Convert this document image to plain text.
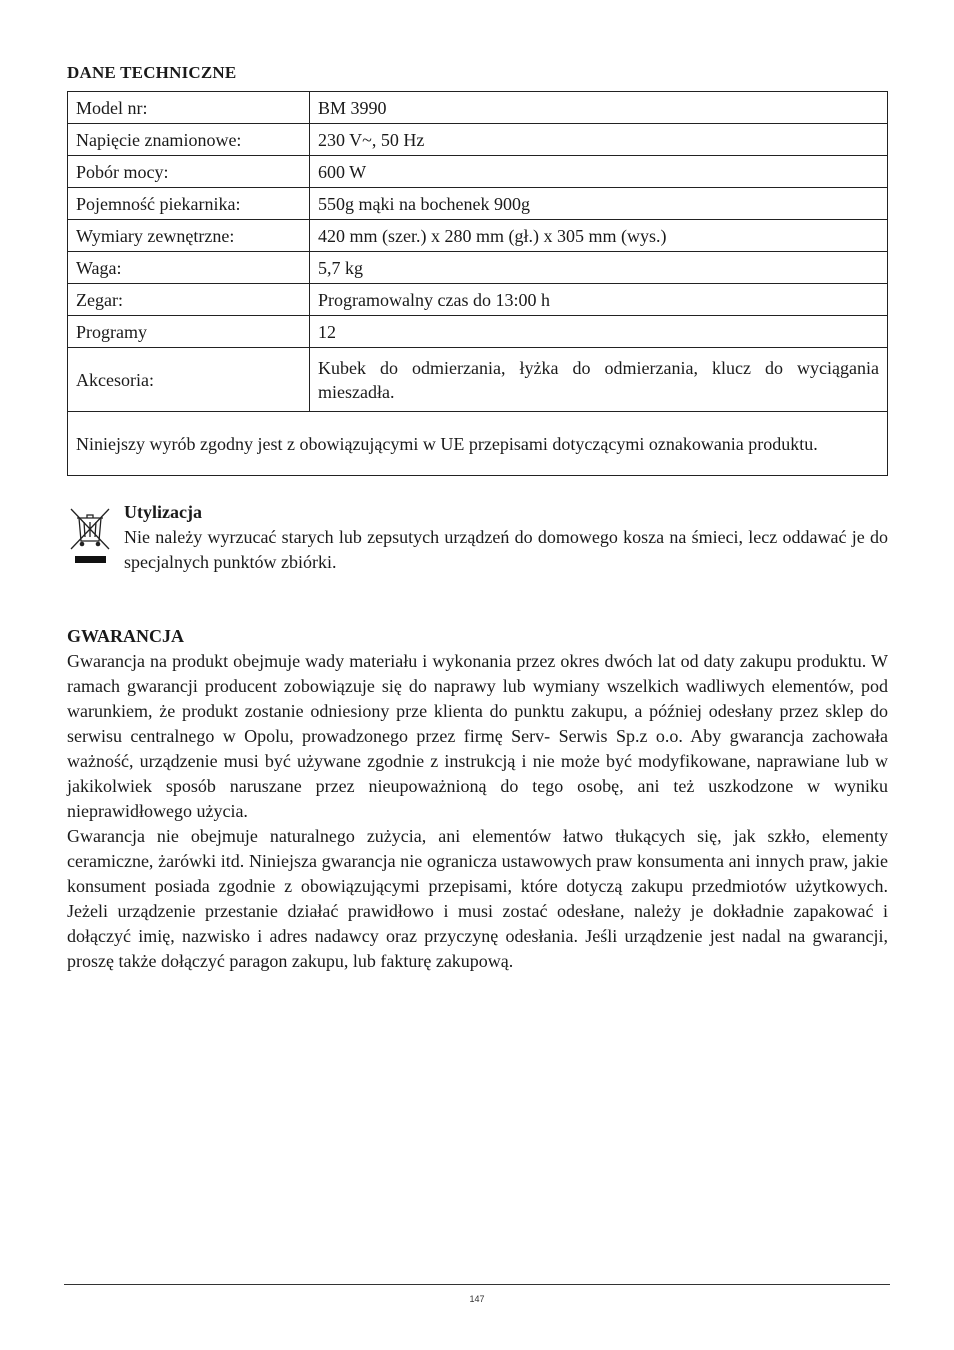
DANE TECHNICZNE
Model nr:	BM 3990
Napięcie znamionowe:	230 V~, 50 Hz
Pobór mocy:	600 W
Pojemność piekarnika:	550g mąki na bochenek 900g
Wymiary zewnętrzne:	420 mm (szer.) x 280 mm (gł.) x 305 mm (wys.)
Waga:	5,7 kg
Zegar:	Programowalny czas do 13:00 h
Programy	12
Akcesoria:	Kubek do odmierzania, łyżka do odmierzania, klucz do wyciągania mieszadła.
Niniejszy wyrób zgodny jest z obowiązującymi w UE przepisami dotyczącymi oznakowania produktu.	
Utylizacja
Nie należy wyrzucać starych lub zepsutych urządzeń do domowego kosza na śmieci, lecz oddawać je do specjalnych punktów zbiórki.
GWARANCJA

Gwarancja na produkt obejmuje wady materiału i wykonania przez okres dwóch lat od daty zakupu produktu. W ramach gwarancji producent zobowiązuje się do naprawy lub wymiany wszelkich wadliwych elementów, pod warunkiem, że produkt zostanie odniesiony prze klienta do punktu zakupu, a później odesłany przez sklep do serwisu centralnego w Opolu, prowadzonego przez firmę Serv- Serwis Sp.z o.o. Aby gwarancja zachowała ważność, urządzenie musi być używane zgodnie z instrukcją i nie może być modyfikowane, naprawiane lub w jakikolwiek sposób naruszane przez nieupoważnioną do tego osobę, ani też uszkodzone w wyniku nieprawidłowego użycia.

Gwarancja nie obejmuje naturalnego zużycia, ani elementów łatwo tłukących się, jak szkło, elementy ceramiczne, żarówki itd. Niniejsza gwarancja nie ogranicza ustawowych praw konsumenta ani innych praw, jakie konsument posiada zgodnie z obowiązującymi przepisami, które dotyczą zakupu przedmiotów użytkowych. Jeżeli urządzenie przestanie działać prawidłowo i musi zostać odesłane, należy je dokładnie zapakować i dołączyć imię, nazwisko i adres nadawcy oraz przyczynę odesłania. Jeśli urządzenie jest nadal na gwarancji, proszę także dołączyć paragon zakupu, lub fakturę zakupową.

147
